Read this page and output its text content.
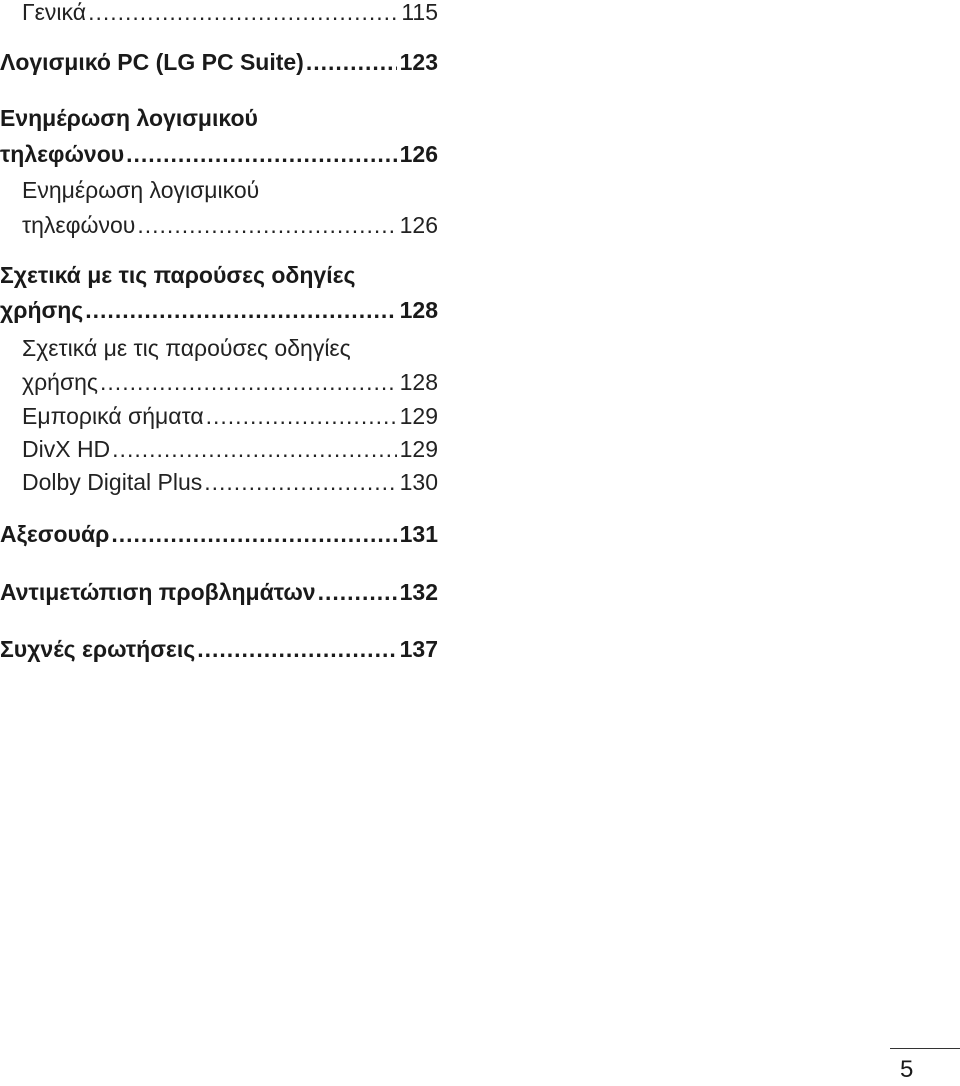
Γενικά .....	115
Λογισμικό PC (LG PC Suite) .....	123
Ενημέρωση λογισμικού
τηλεφώνου .....	126
Ενημέρωση λογισμικού
τηλεφώνου .....	126
Σχετικά με τις παρούσες οδηγίες
χρήσης .....	128
Σχετικά με τις παρούσες οδηγίες
χρήσης .....	128
Εμπορικά σήματα .....	129
DivX HD .....	129
Dolby Digital Plus .....	130
Αξεσουάρ .....	131
Αντιμετώπιση προβλημάτων .....	132
Συχνές ερωτήσεις .....	137
5
